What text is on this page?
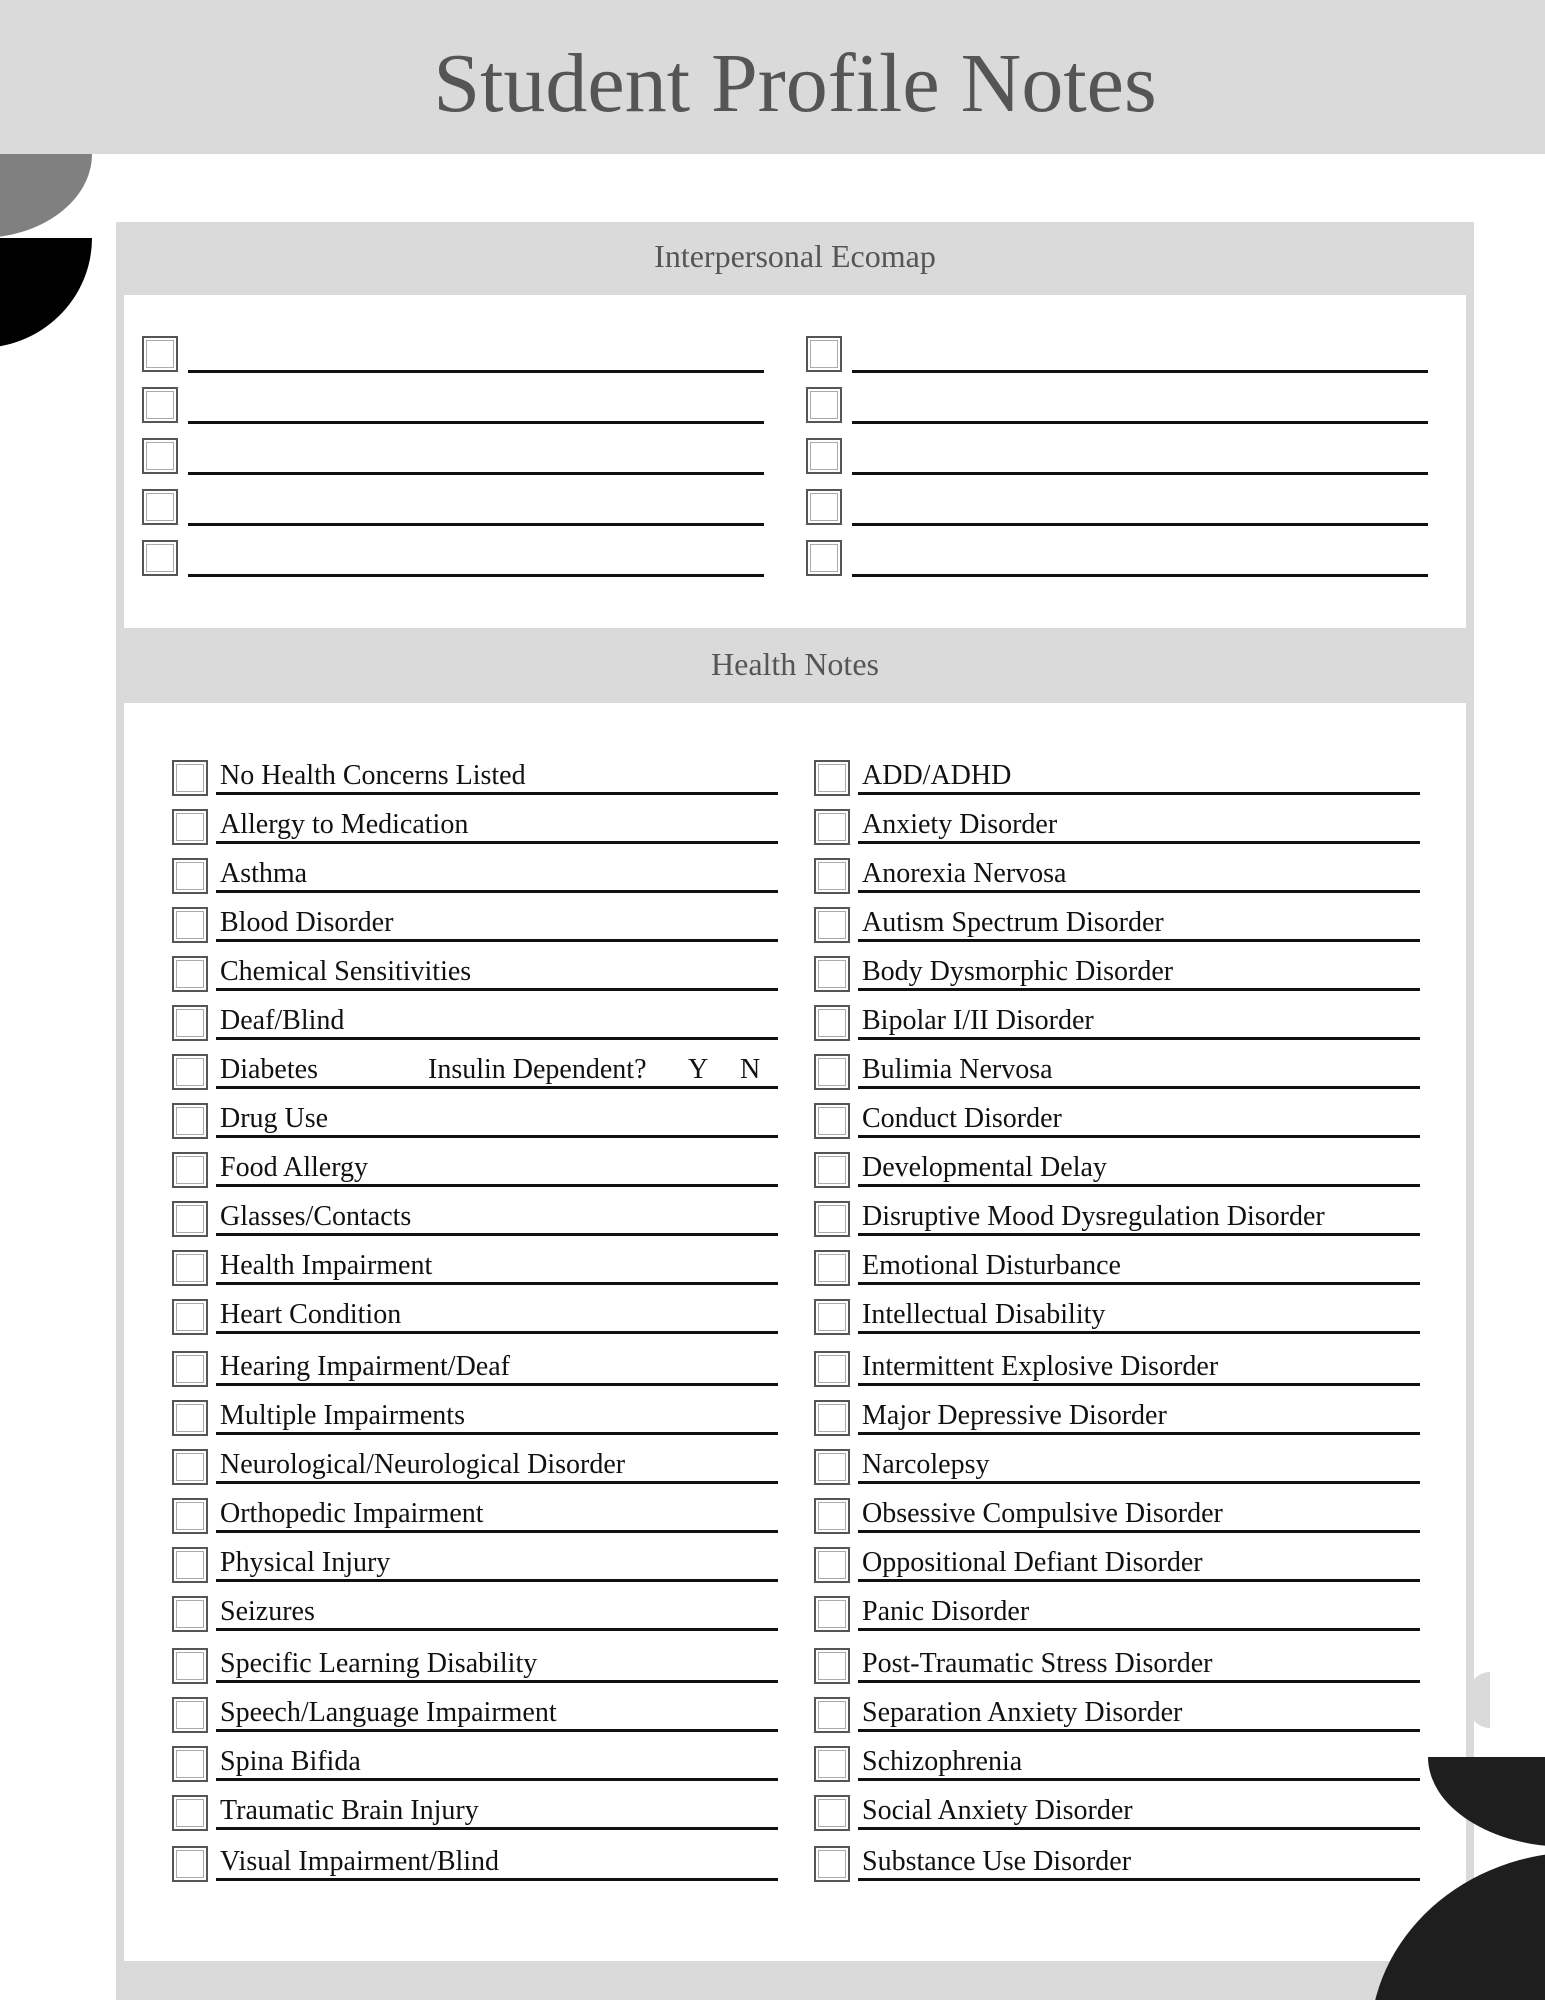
Student Profile Notes
Interpersonal Ecomap
Health Notes
No Health Concerns Listed
Allergy to Medication
Asthma
Blood Disorder
Chemical Sensitivities
Deaf/Blind
Diabetes
Drug Use
Food Allergy
Glasses/Contacts
Health Impairment
Heart Condition
Hearing Impairment/Deaf
Multiple Impairments
Neurological/Neurological Disorder
Orthopedic Impairment
Physical Injury
Seizures
Specific Learning Disability
Speech/Language Impairment
Spina Bifida
Traumatic Brain Injury
Visual Impairment/Blind
ADD/ADHD
Anxiety Disorder
Anorexia Nervosa
Autism Spectrum Disorder
Body Dysmorphic Disorder
Bipolar I/II Disorder
Bulimia Nervosa
Conduct Disorder
Developmental Delay
Disruptive Mood Dysregulation Disorder
Emotional Disturbance
Intellectual Disability
Intermittent Explosive Disorder
Major Depressive Disorder
Narcolepsy
Obsessive Compulsive Disorder
Oppositional Defiant Disorder
Panic Disorder
Post-Traumatic Stress Disorder
Separation Anxiety Disorder
Schizophrenia
Social Anxiety Disorder
Substance Use Disorder
Insulin Dependent? Y N
